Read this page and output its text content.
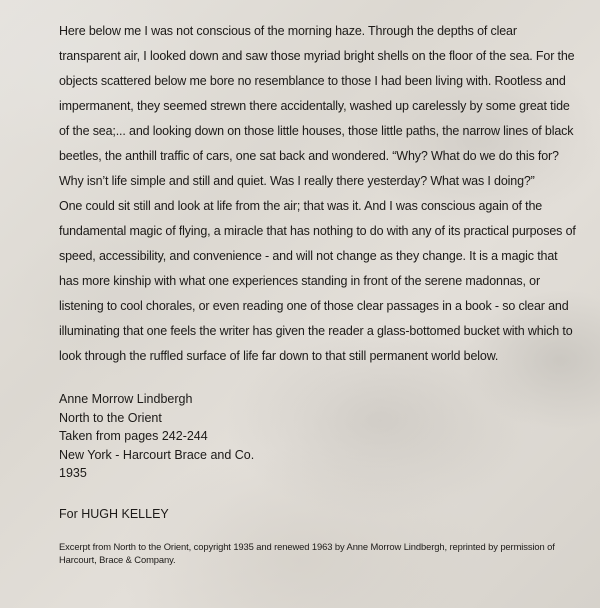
Here below me I was not conscious of the morning haze. Through the depths of clear transparent air, I looked down and saw those myriad bright shells on the floor of the sea. For the objects scattered below me bore no resemblance to those I had been living with. Rootless and impermanent, they seemed strewn there accidentally, washed up carelessly by some great tide of the sea;... and looking down on those little houses, those little paths, the narrow lines of black beetles, the anthill traffic of cars, one sat back and wondered. “Why? What do we do this for? Why isn’t life simple and still and quiet. Was I really there yesterday? What was I doing?”

One could sit still and look at life from the air; that was it. And I was conscious again of the fundamental magic of flying, a miracle that has nothing to do with any of its practical purposes of speed, accessibility, and convenience - and will not change as they change. It is a magic that has more kinship with what one experiences standing in front of the serene madonnas, or listening to cool chorales, or even reading one of those clear passages in a book - so clear and illuminating that one feels the writer has given the reader a glass-bottomed bucket with which to look through the ruffled surface of life far down to that still permanent world below.

Anne Morrow Lindbergh
North to the Orient
Taken from pages 242-244
New York - Harcourt Brace and Co.
1935
For HUGH KELLEY
Excerpt from North to the Orient, copyright 1935 and renewed 1963 by Anne Morrow Lindbergh, reprinted by permission of Harcourt, Brace & Company.
